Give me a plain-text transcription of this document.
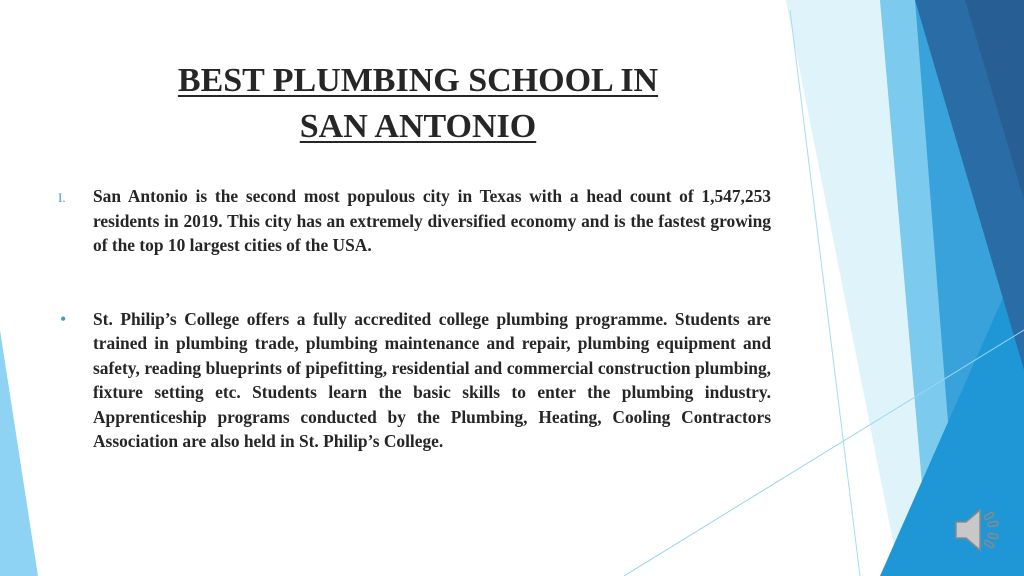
BEST PLUMBING SCHOOL IN
SAN ANTONIO
I. San Antonio is the second most populous city in Texas with a head count of 1,547,253 residents in 2019. This city has an extremely diversified economy and is the fastest growing of the top 10 largest cities of the USA.
• St. Philip’s College offers a fully accredited college plumbing programme. Students are trained in plumbing trade, plumbing maintenance and repair, plumbing equipment and safety, reading blueprints of pipefitting, residential and commercial construction plumbing, fixture setting etc. Students learn the basic skills to enter the plumbing industry. Apprenticeship programs conducted by the Plumbing, Heating, Cooling Contractors Association are also held in St. Philip’s College.
